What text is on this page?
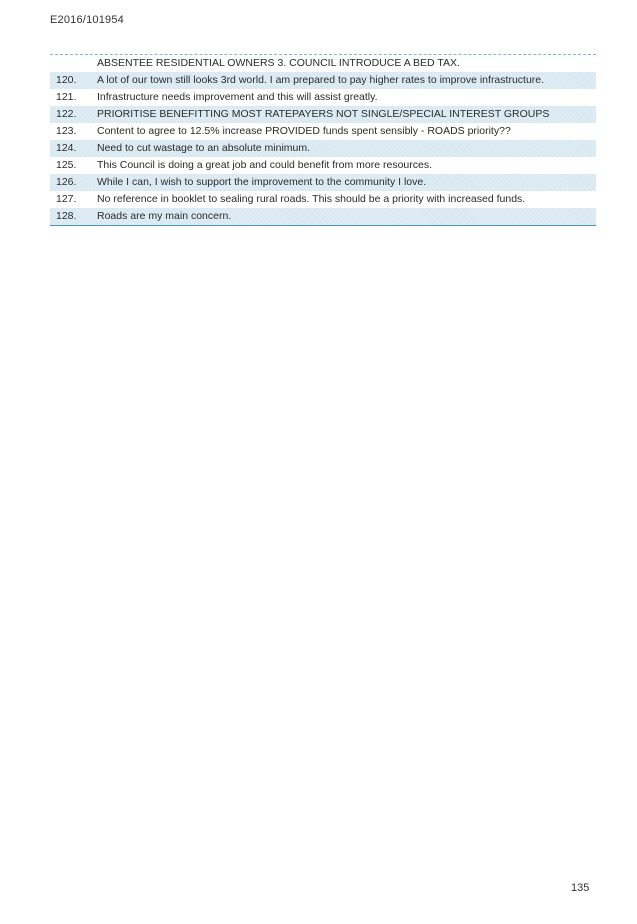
E2016/101954
ABSENTEE RESIDENTIAL OWNERS 3. COUNCIL INTRODUCE A BED TAX.
120.	A lot of our town still looks 3rd world. I am prepared to pay higher rates to improve infrastructure.
121.	Infrastructure needs improvement and this will assist greatly.
122.	PRIORITISE BENEFITTING MOST RATEPAYERS NOT SINGLE/SPECIAL INTEREST GROUPS
123.	Content to agree to 12.5% increase PROVIDED funds spent sensibly - ROADS priority??
124.	Need to cut wastage to an absolute minimum.
125.	This Council is doing a great job and could benefit from more resources.
126.	While I can, I wish to support the improvement to the community I love.
127.	No reference in booklet to sealing rural roads. This should be a priority with increased funds.
128.	Roads are my main concern.
135
